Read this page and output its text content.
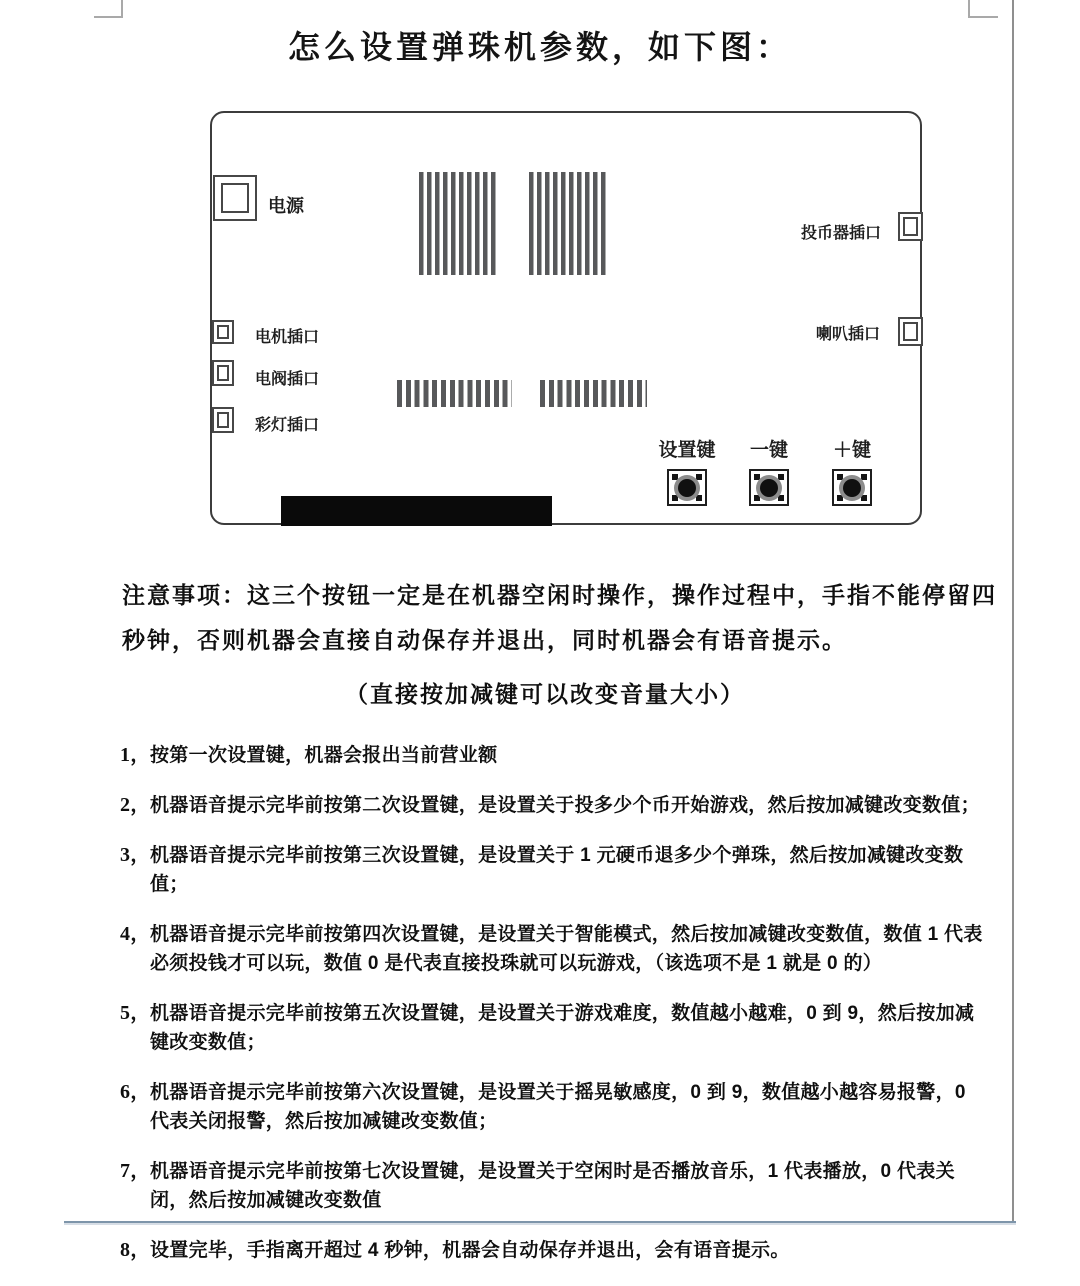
怎么设置弹珠机参数，如下图：
电源
投币器插口
电机插口	喇叭插口
电阀插口
彩灯插口
设置键	一键	＋键

注意事项：这三个按钮一定是在机器空闲时操作，操作过程中，手指不能停留四

秒钟，否则机器会直接自动保存并退出，同时机器会有语音提示。

（直接按加减键可以改变音量大小）

1， 按第一次设置键，机器会报出当前营业额
2， 机器语音提示完毕前按第二次设置键，是设置关于投多少个币开始游戏，然后按加减键改变数值；
3， 机器语音提示完毕前按第三次设置键，是设置关于 1 元硬币退多少个弹珠，然后按加减键改变数值；
4， 机器语音提示完毕前按第四次设置键，是设置关于智能模式，然后按加减键改变数值，数值 1 代表必须投钱才可以玩，数值 0 是代表直接投珠就可以玩游戏，（该选项不是 1 就是 0 的）
5， 机器语音提示完毕前按第五次设置键，是设置关于游戏难度，数值越小越难，0 到 9，然后按加减键改变数值；
6， 机器语音提示完毕前按第六次设置键，是设置关于摇晃敏感度，0 到 9，数值越小越容易报警，0 代表关闭报警，然后按加减键改变数值；
7， 机器语音提示完毕前按第七次设置键，是设置关于空闲时是否播放音乐，1 代表播放，0 代表关闭，然后按加减键改变数值
8， 设置完毕，手指离开超过 4 秒钟，机器会自动保存并退出，会有语音提示。
